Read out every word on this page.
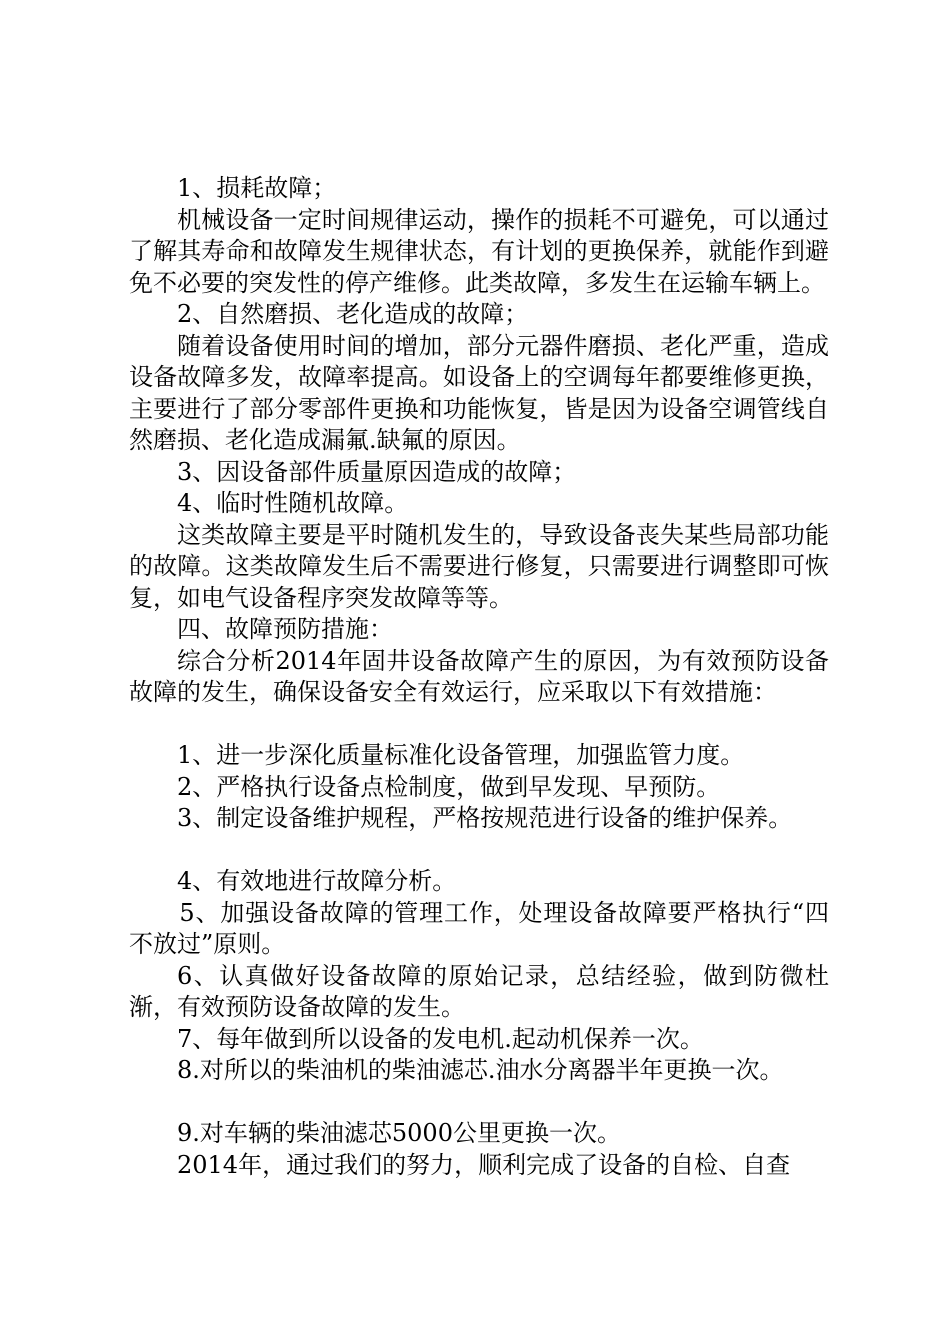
1、损耗故障；

机械设备一定时间规律运动，操作的损耗不可避免，可以通过了解其寿命和故障发生规律状态，有计划的更换保养，就能作到避免不必要的突发性的停产维修。此类故障，多发生在运输车辆上。

2、自然磨损、老化造成的故障；

随着设备使用时间的增加，部分元器件磨损、老化严重，造成设备故障多发，故障率提高。如设备上的空调每年都要维修更换，主要进行了部分零部件更换和功能恢复，皆是因为设备空调管线自然磨损、老化造成漏氟.缺氟的原因。

3、因设备部件质量原因造成的故障；

4、临时性随机故障。

这类故障主要是平时随机发生的，导致设备丧失某些局部功能的故障。这类故障发生后不需要进行修复，只需要进行调整即可恢复，如电气设备程序突发故障等等。

四、故障预防措施：

综合分析2014年固井设备故障产生的原因，为有效预防设备故障的发生，确保设备安全有效运行，应采取以下有效措施：

1、进一步深化质量标准化设备管理，加强监管力度。

2、严格执行设备点检制度，做到早发现、早预防。

3、制定设备维护规程，严格按规范进行设备的维护保养。

4、有效地进行故障分析。

5、加强设备故障的管理工作，处理设备故障要严格执行“四不放过”原则。

6、认真做好设备故障的原始记录，总结经验，做到防微杜渐，有效预防设备故障的发生。

7、每年做到所以设备的发电机.起动机保养一次。

8.对所以的柴油机的柴油滤芯.油水分离器半年更换一次。

9.对车辆的柴油滤芯5000公里更换一次。

2014年，通过我们的努力，顺利完成了设备的自检、自查
